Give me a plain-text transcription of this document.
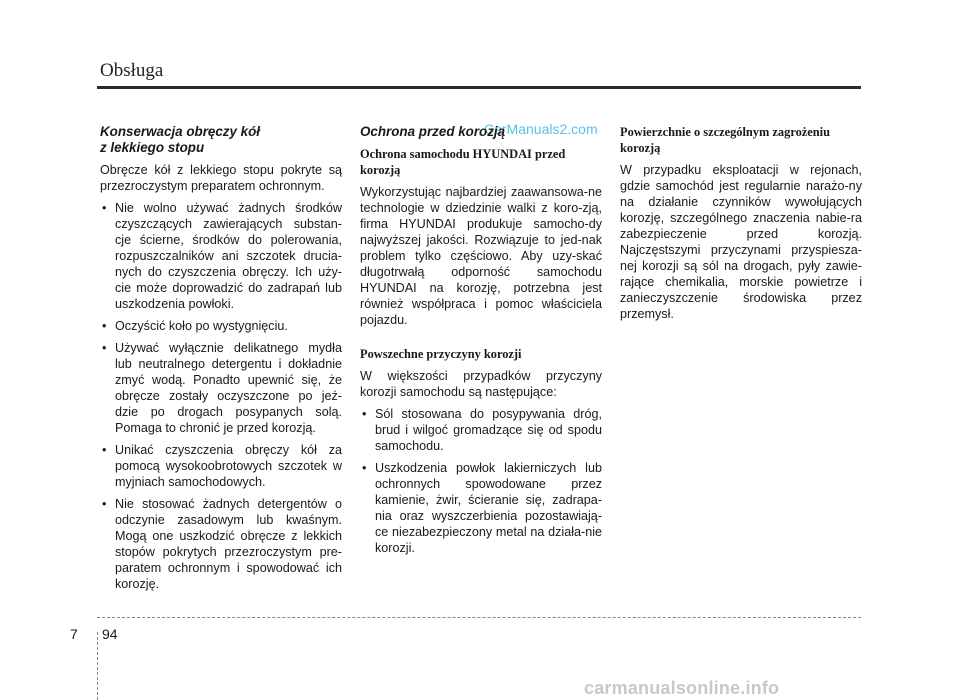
Obsługa
CarManuals2.com
Konserwacja obręczy kół
z lekkiego stopu

Obręcze kół z lekkiego stopu pokryte są przezroczystym preparatem ochronnym.

• Nie wolno używać żadnych środków czyszczących zawierających substan-cje ścierne, środków do polerowania, rozpuszczalników ani szczotek drucia-nych do czyszczenia obręczy. Ich uży-cie może doprowadzić do zadrapań lub uszkodzenia powłoki.
• Oczyścić koło po wystygnięciu.
• Używać wyłącznie delikatnego mydła lub neutralnego detergentu i dokładnie zmyć wodą. Ponadto upewnić się, że obręcze zostały oczyszczone po jeź-dzie po drogach posypanych solą. Pomaga to chronić je przed korozją.
• Unikać czyszczenia obręczy kół za pomocą wysokoobrotowych szczotek w myjniach samochodowych.
• Nie stosować żadnych detergentów o odczynie zasadowym lub kwaśnym. Mogą one uszkodzić obręcze z lekkich stopów pokrytych przezroczystym pre-paratem ochronnym i spowodować ich korozję.
Ochrona przed korozją
Ochrona samochodu HYUNDAI przed korozją

Wykorzystując najbardziej zaawansowa-ne technologie w dziedzinie walki z koro-zją, firma HYUNDAI produkuje samocho-dy najwyższej jakości. Rozwiązuje to jed-nak problem tylko częściowo. Aby uzy-skać długotrwałą odporność samochodu HYUNDAI na korozję, potrzebna jest również współpraca i pomoc właściciela pojazdu.

Powszechne przyczyny korozji

W większości przypadków przyczyny korozji samochodu są następujące:

• Sól stosowana do posypywania dróg, brud i wilgoć gromadzące się od spodu samochodu.
• Uszkodzenia powłok lakierniczych lub ochronnych spowodowane przez kamienie, żwir, ścieranie się, zadrapa-nia oraz wyszczerbienia pozostawiają-ce niezabezpieczony metal na działa-nie korozji.
Powierzchnie o szczególnym zagrożeniu korozją

W przypadku eksploatacji w rejonach, gdzie samochód jest regularnie narażo-ny na działanie czynników wywołujących korozję, szczególnego znaczenia nabie-ra zabezpieczenie przed korozją. Najczęstszymi przyczynami przyspiesza-nej korozji są sól na drogach, pyły zawie-rające chemikalia, morskie powietrze i zanieczyszczenie środowiska przez przemysł.

7 94
carmanualsonline.info
